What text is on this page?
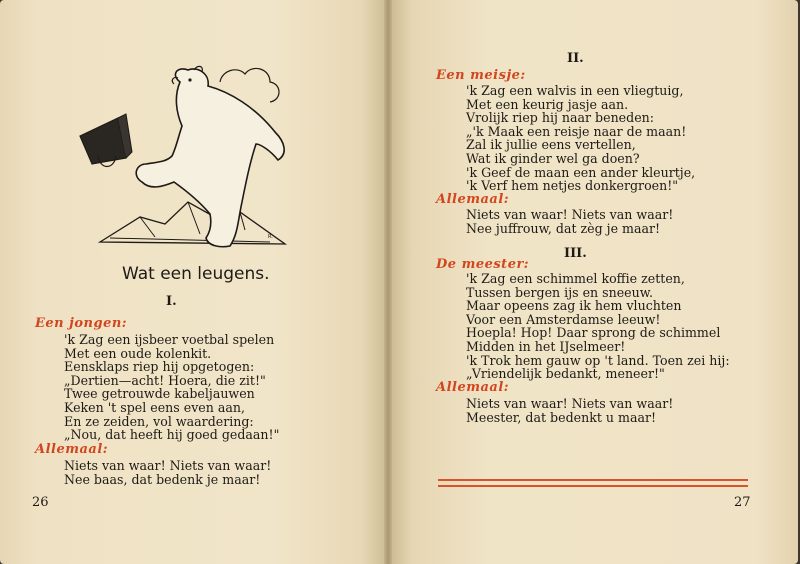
R.
Wat een leugens.
I.
Een jongen:
'k Zag een ijsbeer voetbal spelen
Met een oude kolenkit.
Eensklaps riep hij opgetogen:
„Dertien—acht! Hoera, die zit!"
Twee getrouwde kabeljauwen
Keken 't spel eens even aan,
En ze zeiden, vol waardering:
„Nou, dat heeft hij goed gedaan!"
Allemaal:
Niets van waar! Niets van waar!
Nee baas, dat bedenk je maar!
26
II.
Een meisje:
'k Zag een walvis in een vliegtuig,
Met een keurig jasje aan.
Vrolijk riep hij naar beneden:
„'k Maak een reisje naar de maan!
Zal ik jullie eens vertellen,
Wat ik ginder wel ga doen?
'k Geef de maan een ander kleurtje,
'k Verf hem netjes donkergroen!"
Allemaal:
Niets van waar! Niets van waar!
Nee juffrouw, dat zèg je maar!
III.
De meester:
'k Zag een schimmel koffie zetten,
Tussen bergen ijs en sneeuw.
Maar opeens zag ik hem vluchten
Voor een Amsterdamse leeuw!
Hoepla! Hop! Daar sprong de schimmel
Midden in het IJselmeer!
'k Trok hem gauw op 't land. Toen zei hij:
„Vriendelijk bedankt, meneer!"
Allemaal:
Niets van waar! Niets van waar!
Meester, dat bedenkt u maar!
27
